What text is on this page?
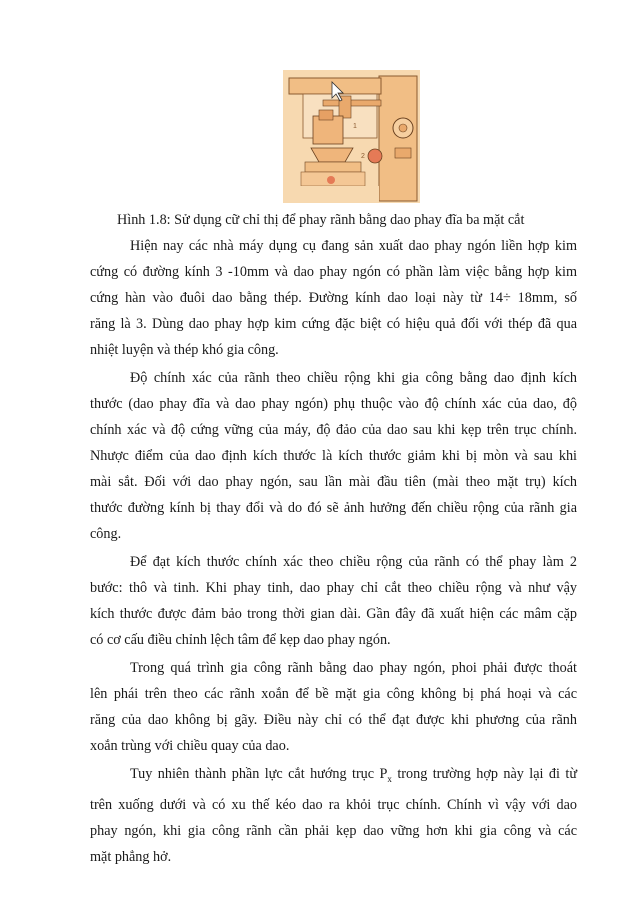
1
2
Hình 1.8: Sử dụng cữ chỉ thị để phay rãnh bằng dao phay đĩa ba mặt cắt

Hiện nay các nhà máy dụng cụ đang sản xuất dao phay ngón liền hợp kim
cứng có đường kính 3 -10mm và dao phay ngón có phần làm việc bằng hợp kim
cứng hàn vào đuôi dao bằng thép. Đường kính dao loại này từ 14÷ 18mm, số
răng là 3. Dùng dao phay hợp kim cứng đặc biệt có hiệu quả đối với thép đã qua
nhiệt luyện và thép khó gia công.

Độ chính xác của rãnh theo chiều rộng khi gia công bằng dao định kích
thước (dao phay đĩa và dao phay ngón) phụ thuộc vào độ chính xác của dao, độ
chính xác và độ cứng vững của máy, độ đảo của dao sau khi kẹp trên trục chính.
Nhược điểm của dao định kích thước là kích thước giảm khi bị mòn và sau khi
mài sắt. Đối với dao phay ngón, sau lần mài đầu tiên (mài theo mặt trụ) kích
thước đường kính bị thay đổi và do đó sẽ ảnh hưởng đến chiều rộng của rãnh gia
công.

Để đạt kích thước chính xác theo chiều rộng của rãnh có thể phay làm 2
bước: thô và tinh. Khi phay tinh, dao phay chỉ cắt theo chiều rộng và như vậy
kích thước được đảm bảo trong thời gian dài. Gần đây đã xuất hiện các mâm cặp
có cơ cấu điều chỉnh lệch tâm để kẹp dao phay ngón.

Trong quá trình gia công rãnh bằng dao phay ngón, phoi phải được thoát
lên phái trên theo các rãnh xoắn để bề mặt gia công không bị phá hoại và các
răng của dao không bị gãy. Điều này chỉ có thể đạt được khi phương của rãnh
xoắn trùng với chiều quay của dao.

Tuy nhiên thành phần lực cắt hướng trục $P_x$ trong trường hợp này lại đi từ
trên xuống dưới và có xu thế kéo dao ra khỏi trục chính. Chính vì vậy với dao
phay ngón, khi gia công rãnh cần phải kẹp dao vững hơn khi gia công và các
mặt phẳng hở.
